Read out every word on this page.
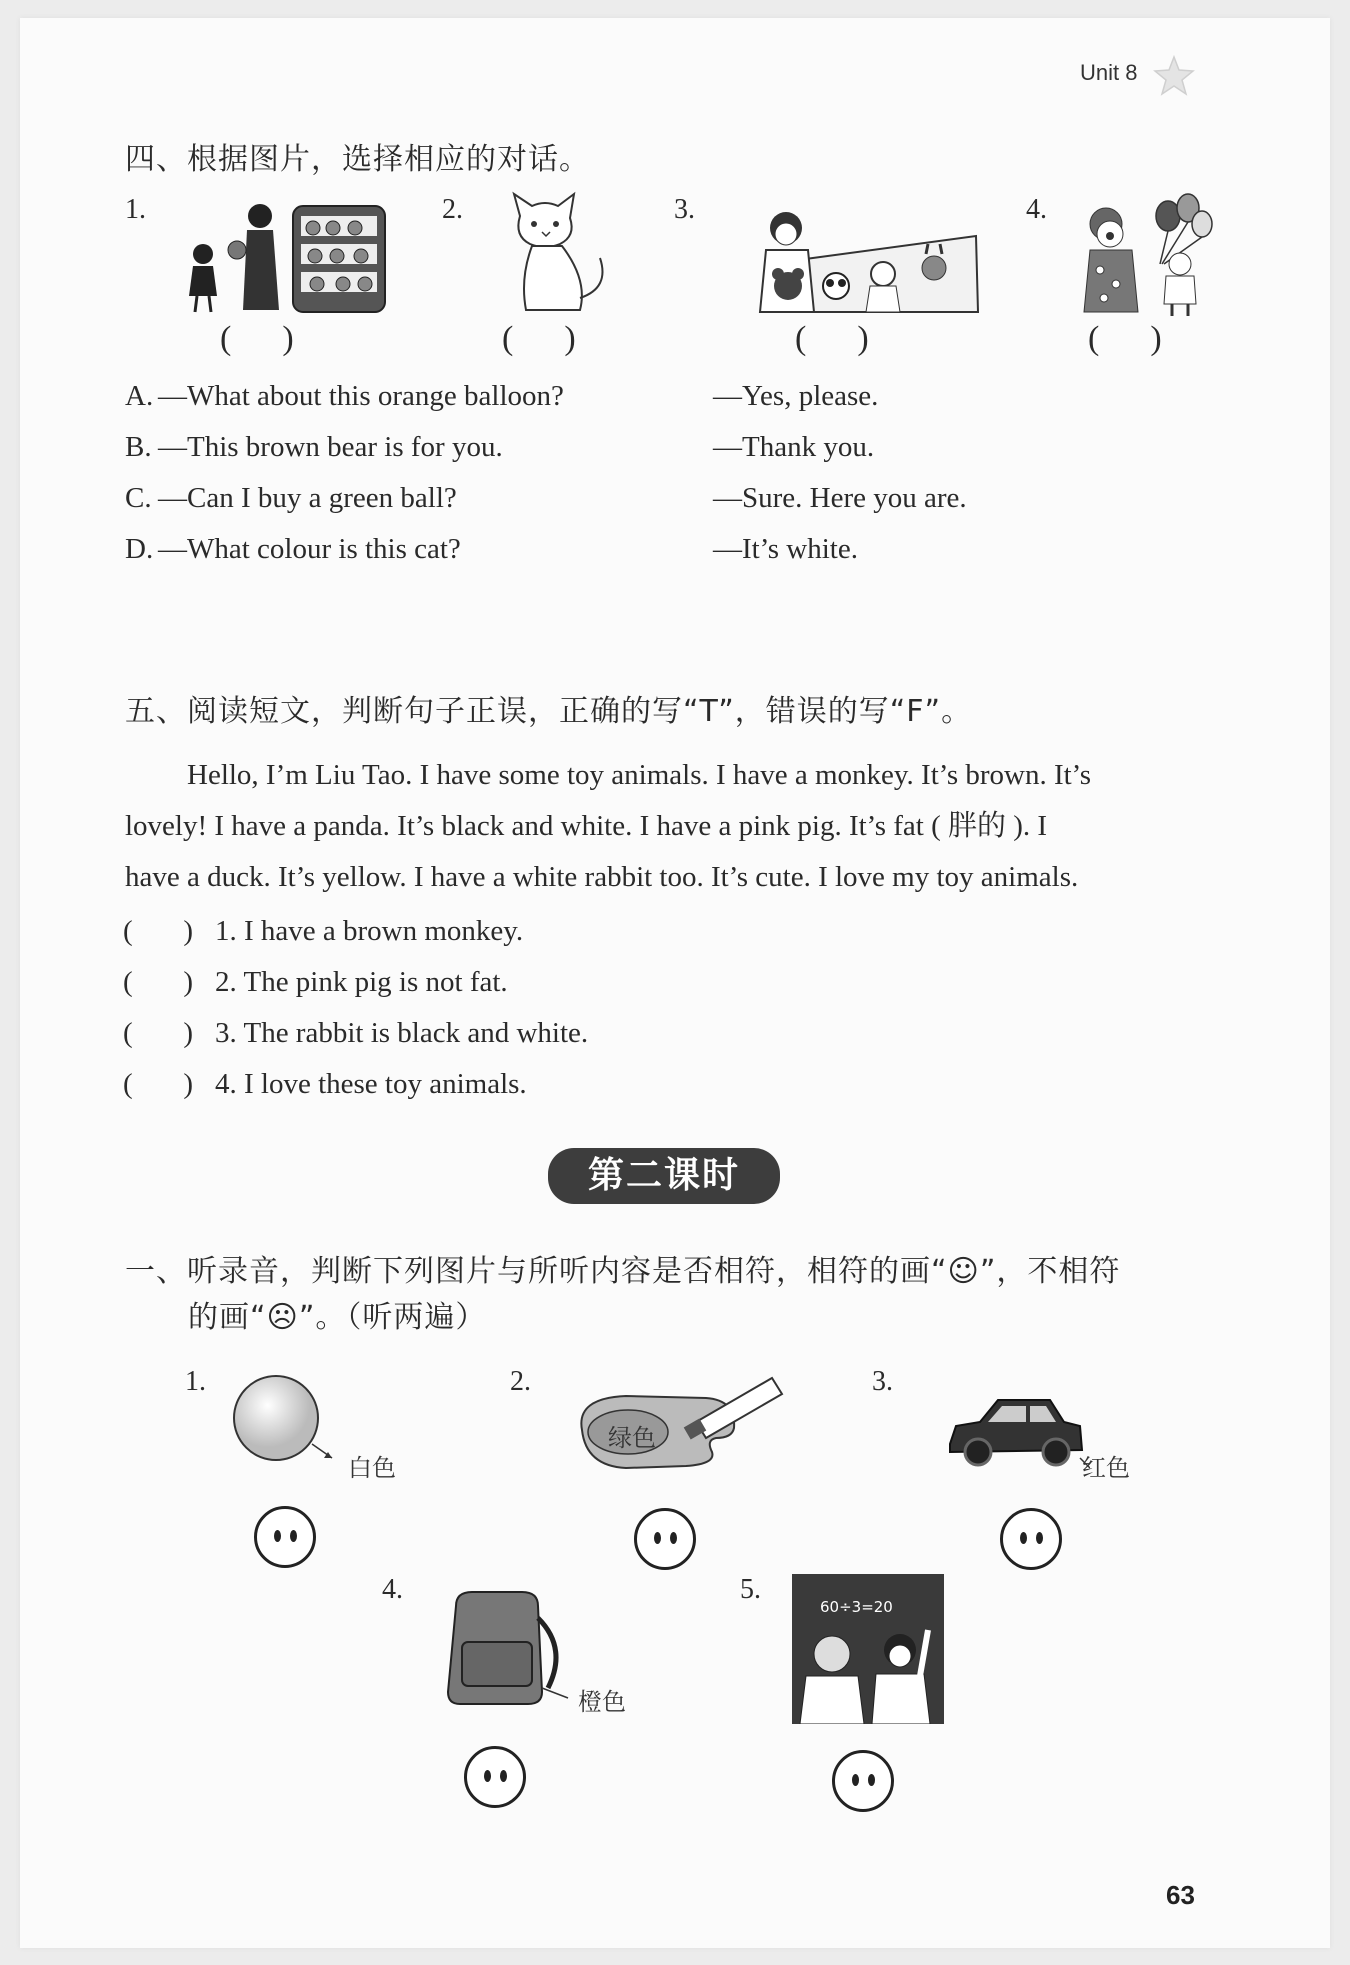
Unit 8
四、根据图片，选择相应的对话。
1.	2.	3.	4.
(      )	(      )	(      )	(      )
A. —What about this orange balloon?	—Yes, please.
B. —This brown bear is for you.	—Thank you.
C. —Can I buy a green ball?	—Sure. Here you are.
D. —What colour is this cat?	—It’s white.
五、阅读短文，判断句子正误，正确的写“T”，错误的写“F”。
Hello, I’m Liu Tao. I have some toy animals. I have a monkey. It’s brown. It’s
lovely! I have a panda. It’s black and white. I have a pink pig. It’s fat ( 胖的 ). I
have a duck. It’s yellow. I have a white rabbit too. It’s cute. I love my toy animals.
(       ) 1. I have a brown monkey.
(       ) 2. The pink pig is not fat.
(       ) 3. The rabbit is black and white.
(       ) 4. I love these toy animals.
第二课时
一、听录音，判断下列图片与所听内容是否相符，相符的画“☺”，不相符
的画“☹”。（听两遍）
1.
白色
2.
绿色
3.
红色
4.
橙色
5.
60÷3=20
63
